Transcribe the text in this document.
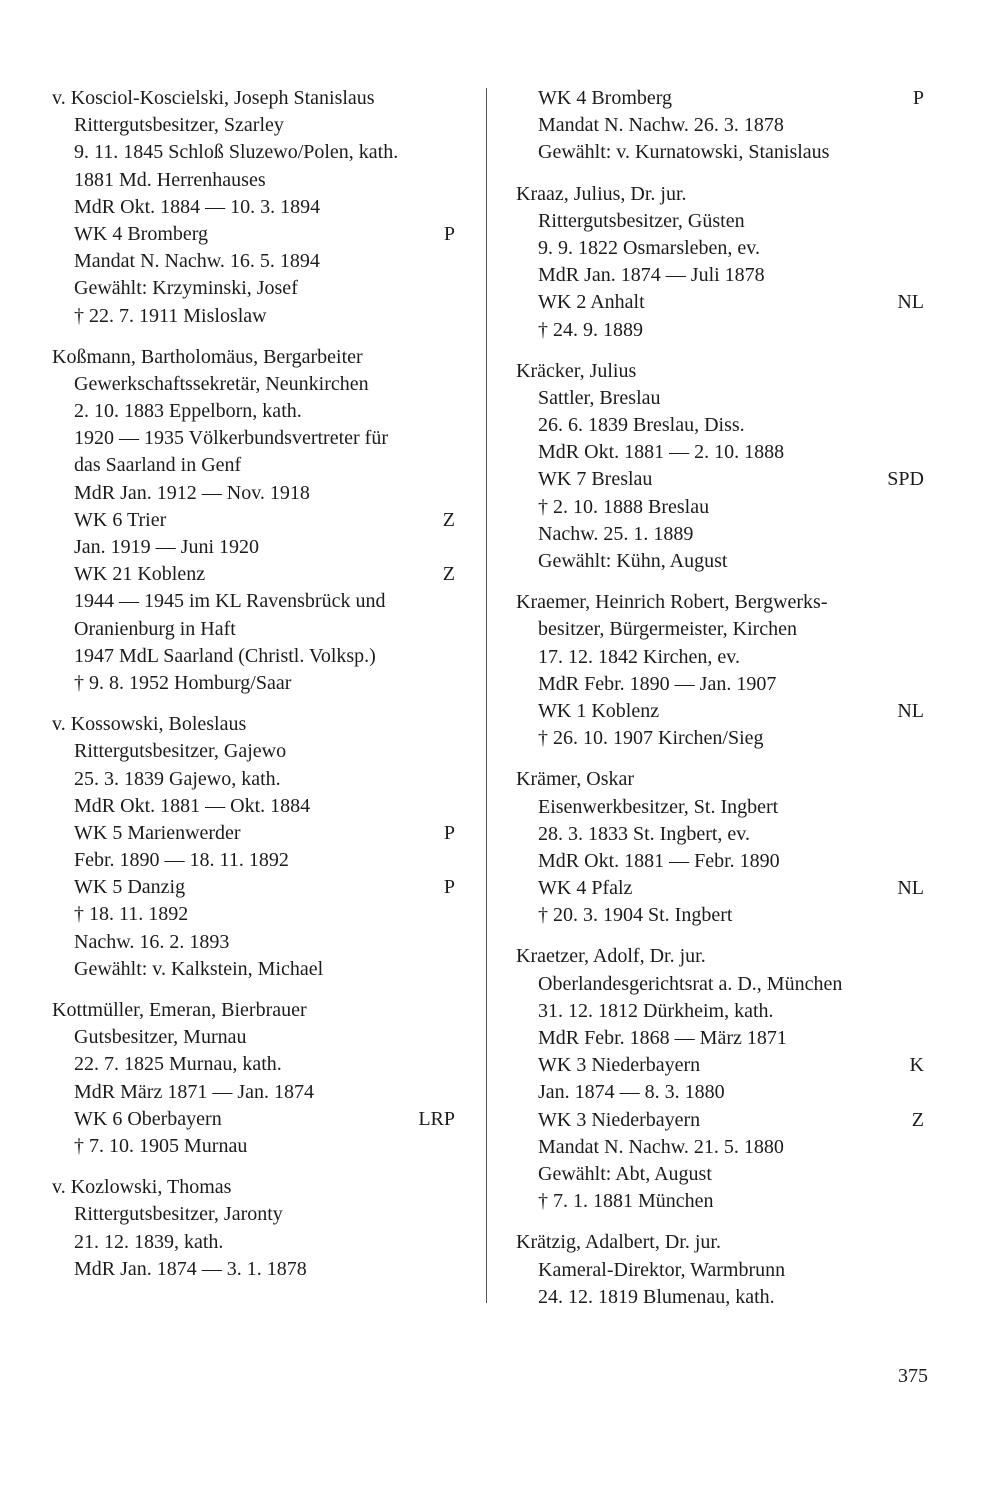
v. Kosciol-Koscielski, Joseph Stanislaus
Rittergutsbesitzer, Szarley
9. 11. 1845 Schloß Sluzewo/Polen, kath.
1881 Md. Herrenhauses
MdR Okt. 1884 — 10. 3. 1894
WK 4 Bromberg	P
Mandat N. Nachw. 16. 5. 1894
Gewählt: Krzyminski, Josef
† 22. 7. 1911 Misloslaw
Koßmann, Bartholomäus, Bergarbeiter
Gewerkschaftssekretär, Neunkirchen
2. 10. 1883 Eppelborn, kath.
1920 — 1935 Völkerbundsvertreter für
das Saarland in Genf
MdR Jan. 1912 — Nov. 1918
WK 6 Trier	Z
Jan. 1919 — Juni 1920
WK 21 Koblenz	Z
1944 — 1945 im KL Ravensbrück und
Oranienburg in Haft
1947 MdL Saarland (Christl. Volksp.)
† 9. 8. 1952 Homburg/Saar
v. Kossowski, Boleslaus
Rittergutsbesitzer, Gajewo
25. 3. 1839 Gajewo, kath.
MdR Okt. 1881 — Okt. 1884
WK 5 Marienwerder	P
Febr. 1890 — 18. 11. 1892
WK 5 Danzig	P
† 18. 11. 1892
Nachw. 16. 2. 1893
Gewählt: v. Kalkstein, Michael
Kottmüller, Emeran, Bierbrauer
Gutsbesitzer, Murnau
22. 7. 1825 Murnau, kath.
MdR März 1871 — Jan. 1874
WK 6 Oberbayern	LRP
† 7. 10. 1905 Murnau
v. Kozlowski, Thomas
Rittergutsbesitzer, Jaronty
21. 12. 1839, kath.
MdR Jan. 1874 — 3. 1. 1878
WK 4 Bromberg	P
Mandat N. Nachw. 26. 3. 1878
Gewählt: v. Kurnatowski, Stanislaus
Kraaz, Julius, Dr. jur.
Rittergutsbesitzer, Güsten
9. 9. 1822 Osmarsleben, ev.
MdR Jan. 1874 — Juli 1878
WK 2 Anhalt	NL
† 24. 9. 1889
Kräcker, Julius
Sattler, Breslau
26. 6. 1839 Breslau, Diss.
MdR Okt. 1881 — 2. 10. 1888
WK 7 Breslau	SPD
† 2. 10. 1888 Breslau
Nachw. 25. 1. 1889
Gewählt: Kühn, August
Kraemer, Heinrich Robert, Bergwerks-
besitzer, Bürgermeister, Kirchen
17. 12. 1842 Kirchen, ev.
MdR Febr. 1890 — Jan. 1907
WK 1 Koblenz	NL
† 26. 10. 1907 Kirchen/Sieg
Krämer, Oskar
Eisenwerkbesitzer, St. Ingbert
28. 3. 1833 St. Ingbert, ev.
MdR Okt. 1881 — Febr. 1890
WK 4 Pfalz	NL
† 20. 3. 1904 St. Ingbert
Kraetzer, Adolf, Dr. jur.
Oberlandesgerichtsrat a. D., München
31. 12. 1812 Dürkheim, kath.
MdR Febr. 1868 — März 1871
WK 3 Niederbayern	K
Jan. 1874 — 8. 3. 1880
WK 3 Niederbayern	Z
Mandat N. Nachw. 21. 5. 1880
Gewählt: Abt, August
† 7. 1. 1881 München
Krätzig, Adalbert, Dr. jur.
Kameral-Direktor, Warmbrunn
24. 12. 1819 Blumenau, kath.
375
